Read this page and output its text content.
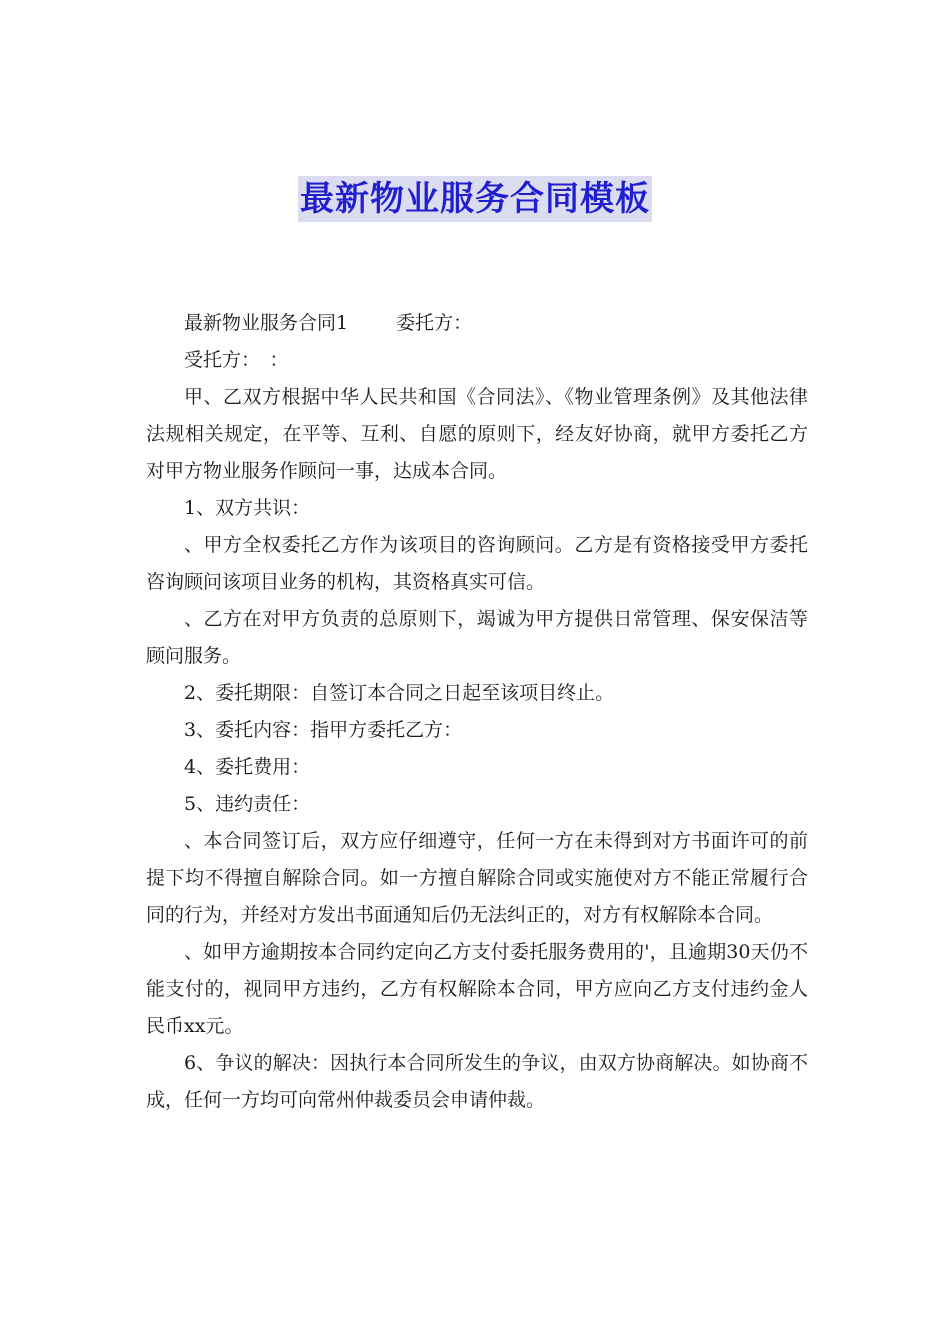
最新物业服务合同模板

最新物业服务合同1	委托方：

受托方：　：

甲、乙双方根据中华人民共和国《合同法》、《物业管理条例》及其他法律法规相关规定，在平等、互利、自愿的原则下，经友好协商，就甲方委托乙方对甲方物业服务作顾问一事，达成本合同。

1、双方共识：

、甲方全权委托乙方作为该项目的咨询顾问。乙方是有资格接受甲方委托咨询顾问该项目业务的机构，其资格真实可信。

、乙方在对甲方负责的总原则下，竭诚为甲方提供日常管理、保安保洁等顾问服务。

2、委托期限：自签订本合同之日起至该项目终止。

3、委托内容：指甲方委托乙方：

4、委托费用：

5、违约责任：

、本合同签订后，双方应仔细遵守，任何一方在未得到对方书面许可的前提下均不得擅自解除合同。如一方擅自解除合同或实施使对方不能正常履行合同的行为，并经对方发出书面通知后仍无法纠正的，对方有权解除本合同。

、如甲方逾期按本合同约定向乙方支付委托服务费用的'，且逾期30天仍不能支付的，视同甲方违约，乙方有权解除本合同，甲方应向乙方支付违约金人民币xx元。

6、争议的解决：因执行本合同所发生的争议，由双方协商解决。如协商不成，任何一方均可向常州仲裁委员会申请仲裁。
